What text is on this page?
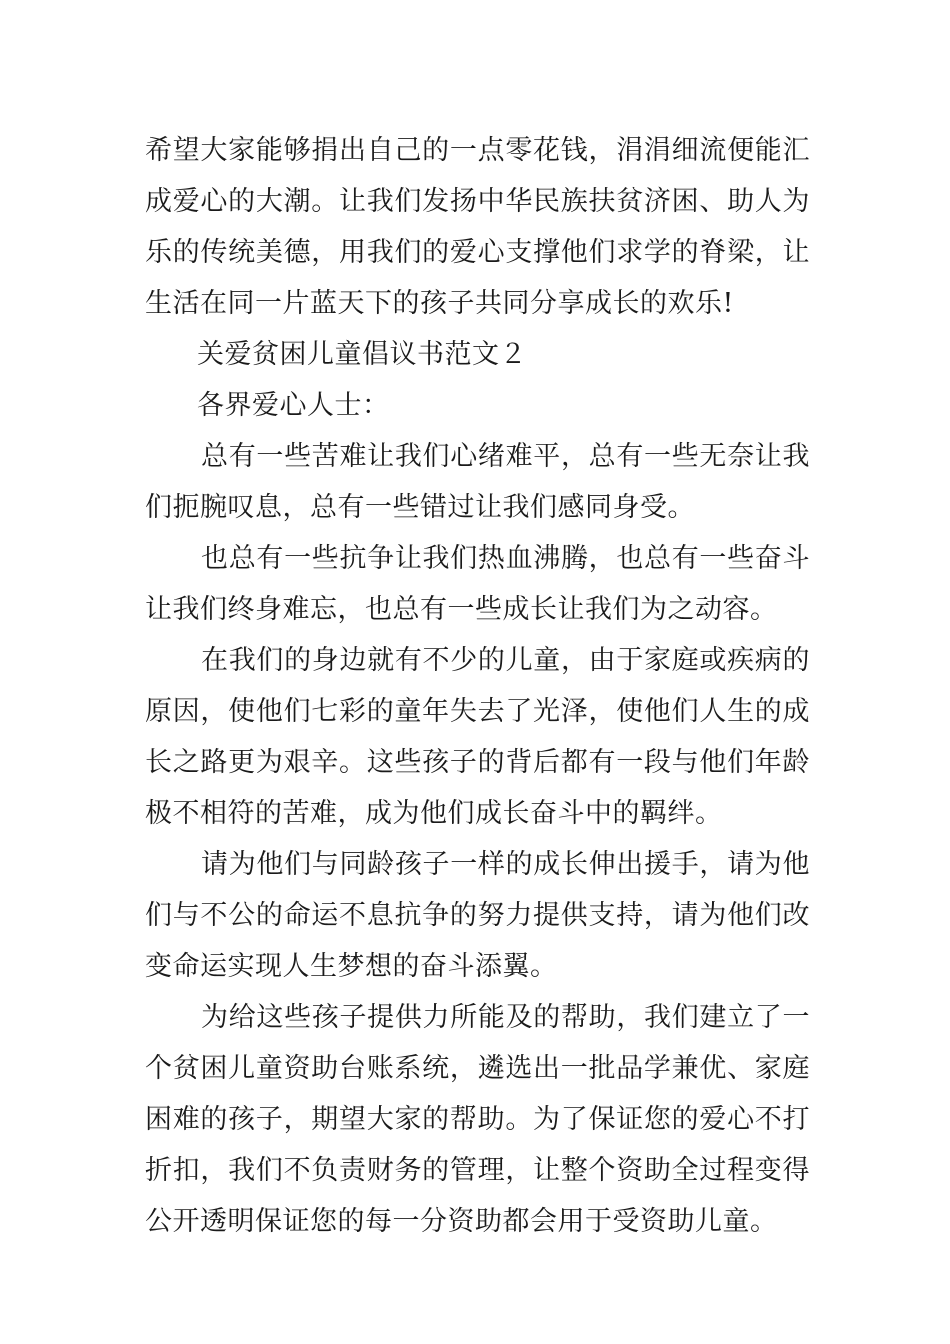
希望大家能够捐出自己的一点零花钱，涓涓细流便能汇成爱心的大潮。让我们发扬中华民族扶贫济困、助人为乐的传统美德，用我们的爱心支撑他们求学的脊梁，让生活在同一片蓝天下的孩子共同分享成长的欢乐!

关爱贫困儿童倡议书范文２

各界爱心人士：

总有一些苦难让我们心绪难平，总有一些无奈让我们扼腕叹息，总有一些错过让我们感同身受。

也总有一些抗争让我们热血沸腾，也总有一些奋斗让我们终身难忘，也总有一些成长让我们为之动容。

在我们的身边就有不少的儿童，由于家庭或疾病的原因，使他们七彩的童年失去了光泽，使他们人生的成长之路更为艰辛。这些孩子的背后都有一段与他们年龄极不相符的苦难，成为他们成长奋斗中的羁绊。

请为他们与同龄孩子一样的成长伸出援手，请为他们与不公的命运不息抗争的努力提供支持，请为他们改变命运实现人生梦想的奋斗添翼。

为给这些孩子提供力所能及的帮助，我们建立了一个贫困儿童资助台账系统，遴选出一批品学兼优、家庭困难的孩子，期望大家的帮助。为了保证您的爱心不打折扣，我们不负责财务的管理，让整个资助全过程变得公开透明保证您的每一分资助都会用于受资助儿童。
